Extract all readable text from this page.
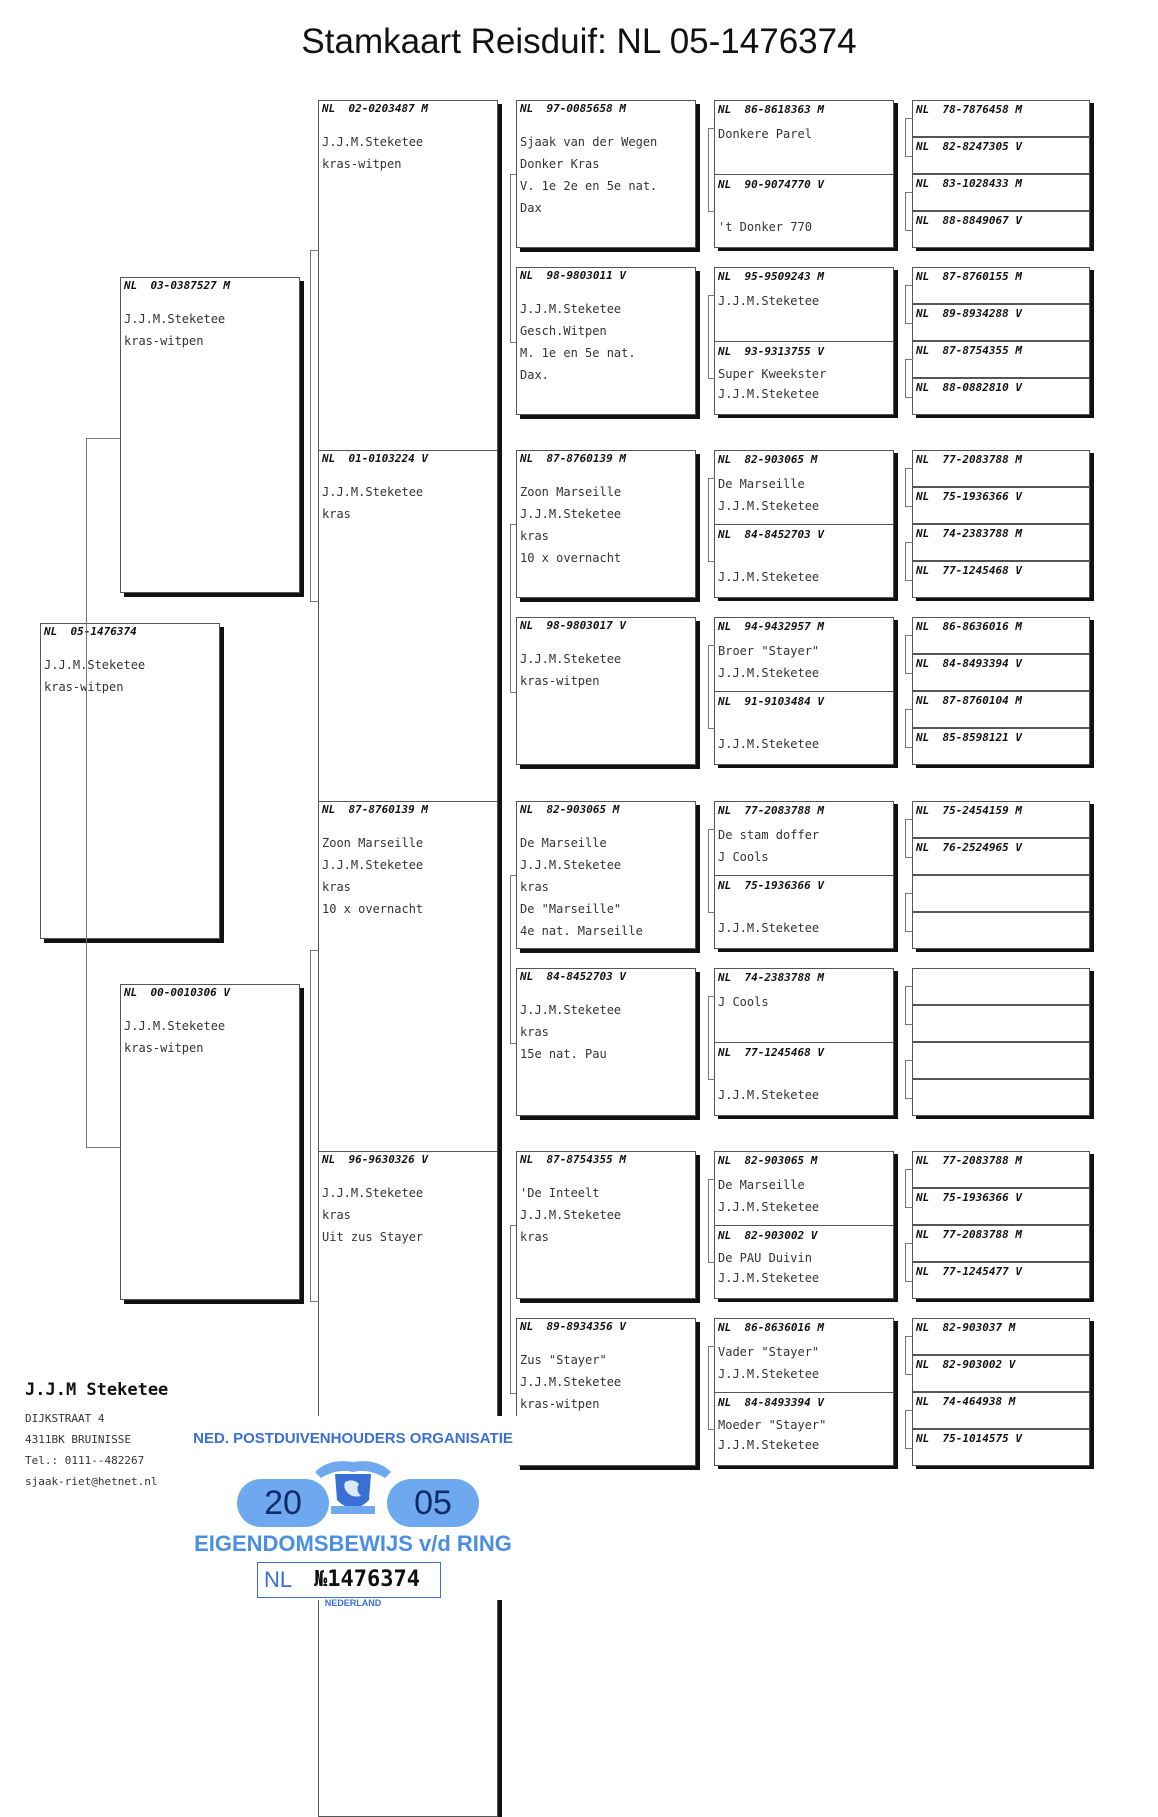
Stamkaart Reisduif: NL 05-1476374
NL  05-1476374
J.J.M.Steketee
kras-witpen
NL  03-0387527 M
J.J.M.Steketee
kras-witpen
NL  00-0010306 V
J.J.M.Steketee
kras-witpen
NL  02-0203487 M
J.J.M.Steketee
kras-witpen
NL  01-0103224 V
J.J.M.Steketee
kras
NL  87-8760139 M
Zoon Marseille
J.J.M.Steketee
kras
10 x overnacht
NL  96-9630326 V
J.J.M.Steketee
kras
Uit zus Stayer
NL  97-0085658 M
Sjaak van der Wegen
Donker Kras
V. 1e 2e en 5e nat.
Dax
NL  98-9803011 V
J.J.M.Steketee
Gesch.Witpen
M. 1e en 5e nat.
Dax.
NL  87-8760139 M
Zoon Marseille
J.J.M.Steketee
kras
10 x overnacht
NL  98-9803017 V
J.J.M.Steketee
kras-witpen
NL  82-903065 M
De Marseille
J.J.M.Steketee
kras
De "Marseille"
4e nat. Marseille
NL  84-8452703 V
J.J.M.Steketee
kras
15e nat. Pau
NL  87-8754355 M
'De Inteelt
J.J.M.Steketee
kras
NL  89-8934356 V
Zus "Stayer"
J.J.M.Steketee
kras-witpen
NL  86-8618363 M
Donkere Parel
NL  90-9074770 V
't Donker 770
NL  95-9509243 M
J.J.M.Steketee
NL  93-9313755 V
Super Kweekster
J.J.M.Steketee
NL  82-903065 M
De Marseille
J.J.M.Steketee
NL  84-8452703 V
J.J.M.Steketee
NL  94-9432957 M
Broer "Stayer"
J.J.M.Steketee
NL  91-9103484 V
J.J.M.Steketee
NL  77-2083788 M
De stam doffer
J Cools
NL  75-1936366 V
J.J.M.Steketee
NL  74-2383788 M
J Cools
NL  77-1245468 V
J.J.M.Steketee
NL  82-903065 M
De Marseille
J.J.M.Steketee
NL  82-903002 V
De PAU Duivin
J.J.M.Steketee
NL  86-8636016 M
Vader "Stayer"
J.J.M.Steketee
NL  84-8493394 V
Moeder "Stayer"
J.J.M.Steketee
NL  78-7876458 M
NL  82-8247305 V
NL  83-1028433 M
NL  88-8849067 V
NL  87-8760155 M
NL  89-8934288 V
NL  87-8754355 M
NL  88-0882810 V
NL  77-2083788 M
NL  75-1936366 V
NL  74-2383788 M
NL  77-1245468 V
NL  86-8636016 M
NL  84-8493394 V
NL  87-8760104 M
NL  85-8598121 V
NL  75-2454159 M
NL  76-2524965 V
NL  77-2083788 M
NL  75-1936366 V
NL  77-2083788 M
NL  77-1245477 V
NL  82-903037 M
NL  82-903002 V
NL  74-464938 M
NL  75-1014575 V
J.J.M Steketee
DIJKSTRAAT 4
4311BK BRUINISSE
Tel.: 0111--482267
sjaak-riet@hetnet.nl
NED. POSTDUIVENHOUDERS ORGANISATIE
20	05
EIGENDOMSBEWIJS v/d RING
NL №1476374
NEDERLAND
